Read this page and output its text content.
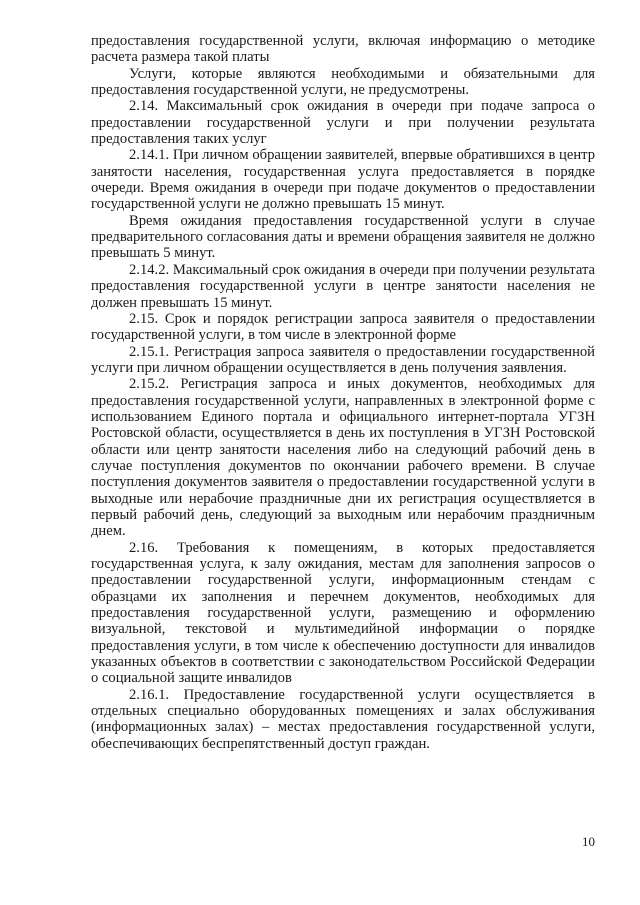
предоставления государственной услуги, включая информацию о методике расчета размера такой платы

Услуги, которые являются необходимыми и обязательными для предоставления государственной услуги, не предусмотрены.

2.14. Максимальный срок ожидания в очереди при подаче запроса о предоставлении государственной услуги и при получении результата предоставления таких услуг

2.14.1. При личном обращении заявителей, впервые обратившихся в центр занятости населения, государственная услуга предоставляется в порядке очереди. Время ожидания в очереди при подаче документов о предоставлении государственной услуги не должно превышать 15 минут.

Время ожидания предоставления государственной услуги в случае предварительного согласования даты и времени обращения заявителя не должно превышать 5 минут.

2.14.2. Максимальный срок ожидания в очереди при получении результата предоставления государственной услуги в центре занятости населения не должен превышать 15 минут.

2.15. Срок и порядок регистрации запроса заявителя о предоставлении государственной услуги, в том числе в электронной форме

2.15.1. Регистрация запроса заявителя о предоставлении государственной услуги при личном обращении осуществляется в день получения заявления.

2.15.2. Регистрация запроса и иных документов, необходимых для предоставления государственной услуги, направленных в электронной форме с использованием Единого портала и официального интернет-портала УГЗН Ростовской области, осуществляется в день их поступления в УГЗН Ростовской области или центр занятости населения либо на следующий рабочий день в случае поступления документов по окончании рабочего времени. В случае поступления документов заявителя о предоставлении государственной услуги в выходные или нерабочие праздничные дни их регистрация осуществляется в первый рабочий день, следующий за выходным или нерабочим праздничным днем.

2.16. Требования к помещениям, в которых предоставляется государственная услуга, к залу ожидания, местам для заполнения запросов о предоставлении государственной услуги, информационным стендам с образцами их заполнения и перечнем документов, необходимых для предоставления государственной услуги, размещению и оформлению визуальной, текстовой и мультимедийной информации о порядке предоставления услуги, в том числе к обеспечению доступности для инвалидов указанных объектов в соответствии с законодательством Российской Федерации о социальной защите инвалидов

2.16.1. Предоставление государственной услуги осуществляется в отдельных специально оборудованных помещениях и залах обслуживания (информационных залах) – местах предоставления государственной услуги, обеспечивающих беспрепятственный доступ граждан.

10
